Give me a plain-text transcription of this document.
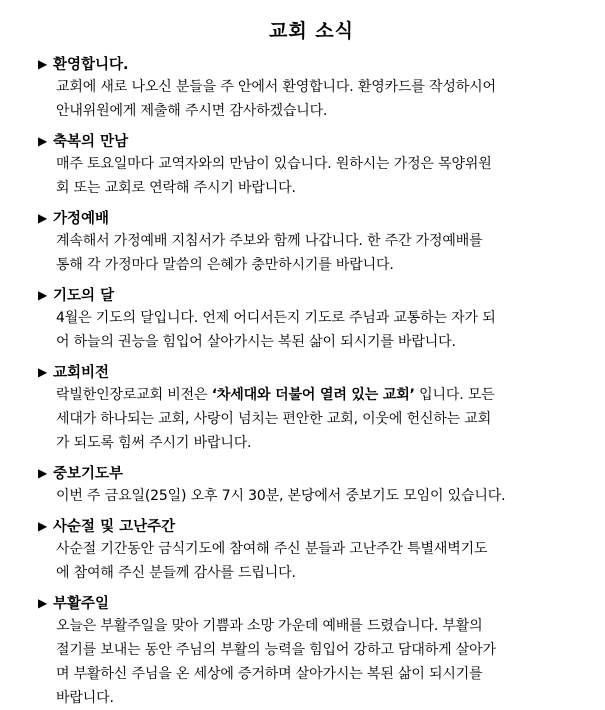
교회 소식
▶ 환영합니다.

교회에 새로 나오신 분들을 주 안에서 환영합니다. 환영카드를 작성하시어
안내위원에게 제출해 주시면 감사하겠습니다.

▶ 축복의 만남

매주 토요일마다 교역자와의 만남이 있습니다. 원하시는 가정은 목양위원
회 또는 교회로 연락해 주시기 바랍니다.

▶ 가정예배

계속해서 가정예배 지침서가 주보와 함께 나갑니다. 한 주간 가정예배를
통해 각 가정마다 말씀의 은혜가 충만하시기를 바랍니다.

▶ 기도의 달

4월은 기도의 달입니다. 언제 어디서든지 기도로 주님과 교통하는 자가 되
어 하늘의 권능을 힘입어 살아가시는 복된 삶이 되시기를 바랍니다.

▶ 교회비전

락빌한인장로교회 비전은 ‘차세대와 더불어 열려 있는 교회’ 입니다. 모든
세대가 하나되는 교회, 사랑이 넘치는 편안한 교회, 이웃에 헌신하는 교회
가 되도록 힘써 주시기 바랍니다.

▶ 중보기도부

이번 주 금요일(25일) 오후 7시 30분, 본당에서 중보기도 모임이 있습니다.

▶ 사순절 및 고난주간

사순절 기간동안 금식기도에 참여해 주신 분들과 고난주간 특별새벽기도
에 참여해 주신 분들께 감사를 드립니다.

▶ 부활주일

오늘은 부활주일을 맞아 기쁨과 소망 가운데 예배를 드렸습니다. 부활의
절기를 보내는 동안 주님의 부활의 능력을 힘입어 강하고 담대하게 살아가
며 부활하신 주님을 온 세상에 증거하며 살아가시는 복된 삶이 되시기를
바랍니다.
